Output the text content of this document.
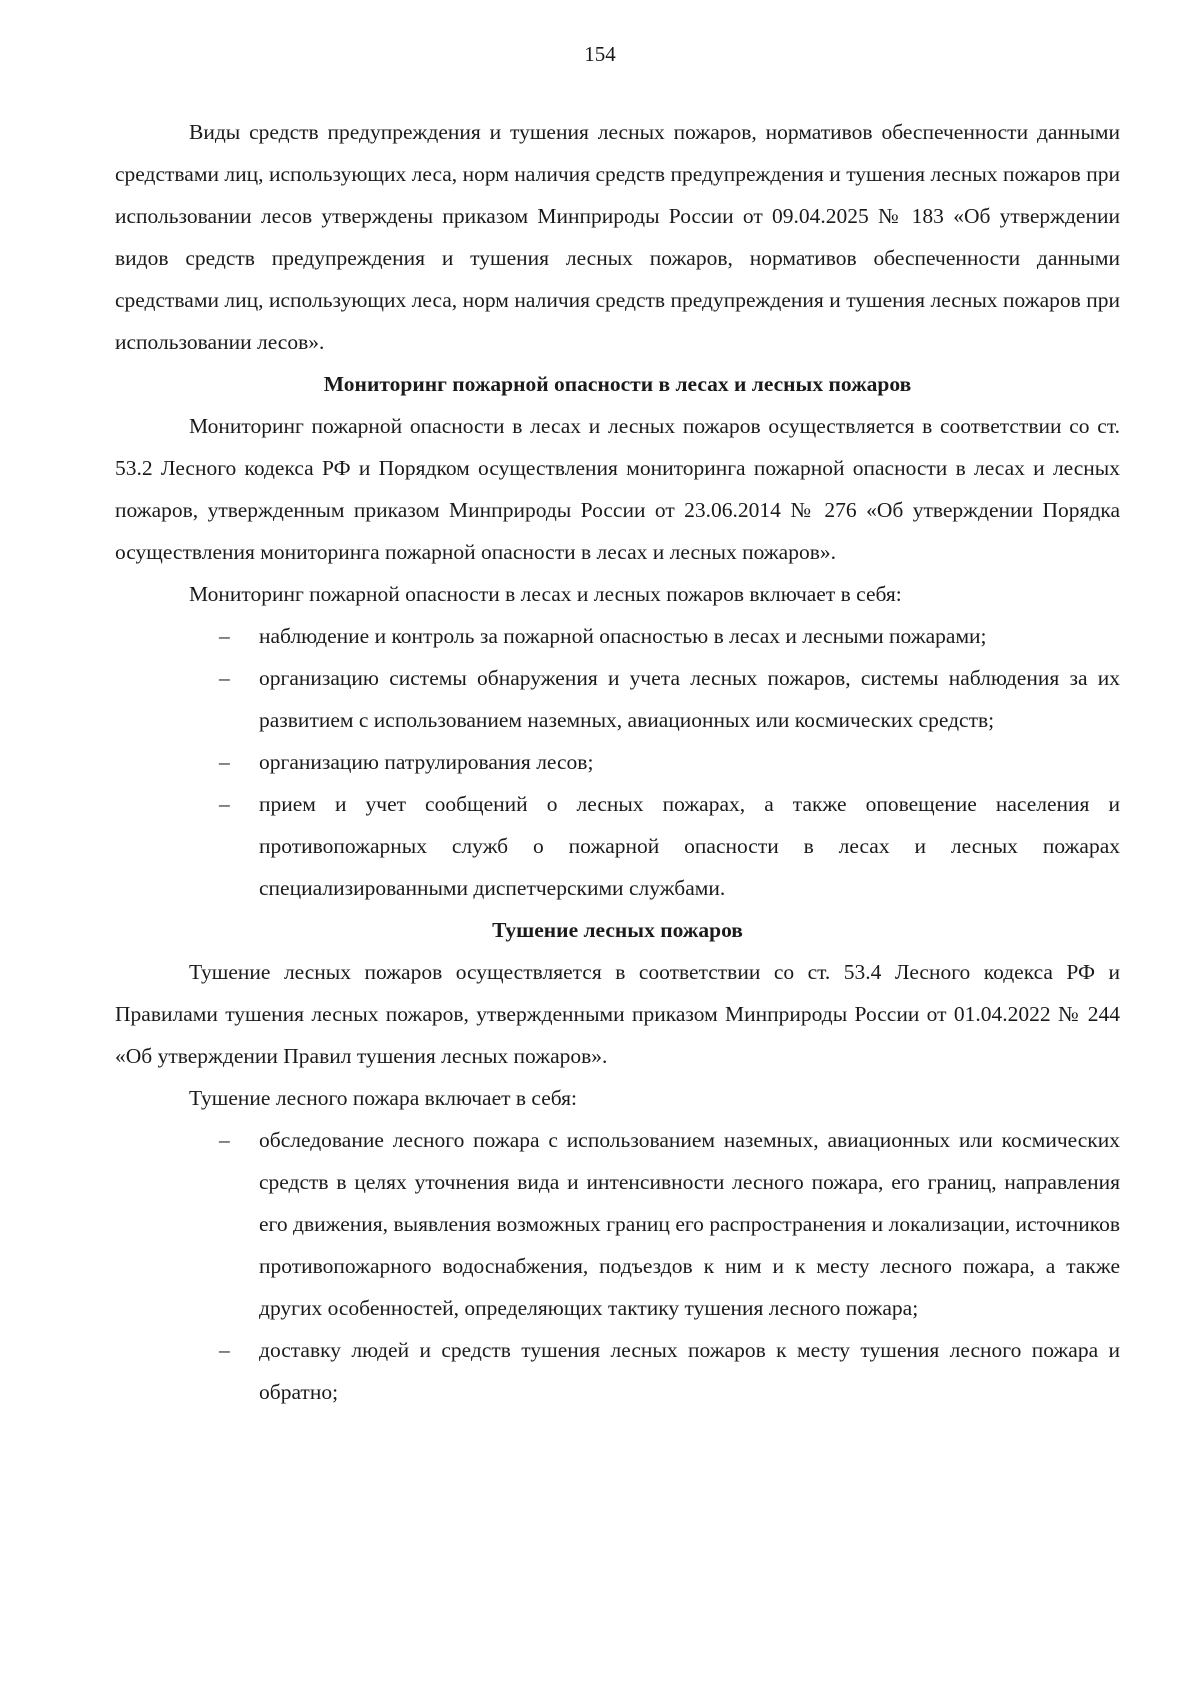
154

Виды средств предупреждения и тушения лесных пожаров, нормативов обеспеченности данными средствами лиц, использующих леса, норм наличия средств предупреждения и тушения лесных пожаров при использовании лесов утверждены приказом Минприроды России от 09.04.2025 № 183 «Об утверждении видов средств предупреждения и тушения лесных пожаров, нормативов обеспеченности данными средствами лиц, использующих леса, норм наличия средств предупреждения и тушения лесных пожаров при использовании лесов».

Мониторинг пожарной опасности в лесах и лесных пожаров

Мониторинг пожарной опасности в лесах и лесных пожаров осуществляется в соответствии со ст. 53.2 Лесного кодекса РФ и Порядком осуществления мониторинга пожарной опасности в лесах и лесных пожаров, утвержденным приказом Минприроды России от 23.06.2014 № 276 «Об утверждении Порядка осуществления мониторинга пожарной опасности в лесах и лесных пожаров».

Мониторинг пожарной опасности в лесах и лесных пожаров включает в себя:

– наблюдение и контроль за пожарной опасностью в лесах и лесными пожарами;
– организацию системы обнаружения и учета лесных пожаров, системы наблюдения за их развитием с использованием наземных, авиационных или космических средств;
– организацию патрулирования лесов;
– прием и учет сообщений о лесных пожарах, а также оповещение населения и противопожарных служб о пожарной опасности в лесах и лесных пожарах специализированными диспетчерскими службами.
Тушение лесных пожаров

Тушение лесных пожаров осуществляется в соответствии со ст. 53.4 Лесного кодекса РФ и Правилами тушения лесных пожаров, утвержденными приказом Минприроды России от 01.04.2022 № 244 «Об утверждении Правил тушения лесных пожаров».

Тушение лесного пожара включает в себя:

– обследование лесного пожара с использованием наземных, авиационных или космических средств в целях уточнения вида и интенсивности лесного пожара, его границ, направления его движения, выявления возможных границ его распространения и локализации, источников противопожарного водоснабжения, подъездов к ним и к месту лесного пожара, а также других особенностей, определяющих тактику тушения лесного пожара;
– доставку людей и средств тушения лесных пожаров к месту тушения лесного пожара и обратно;
